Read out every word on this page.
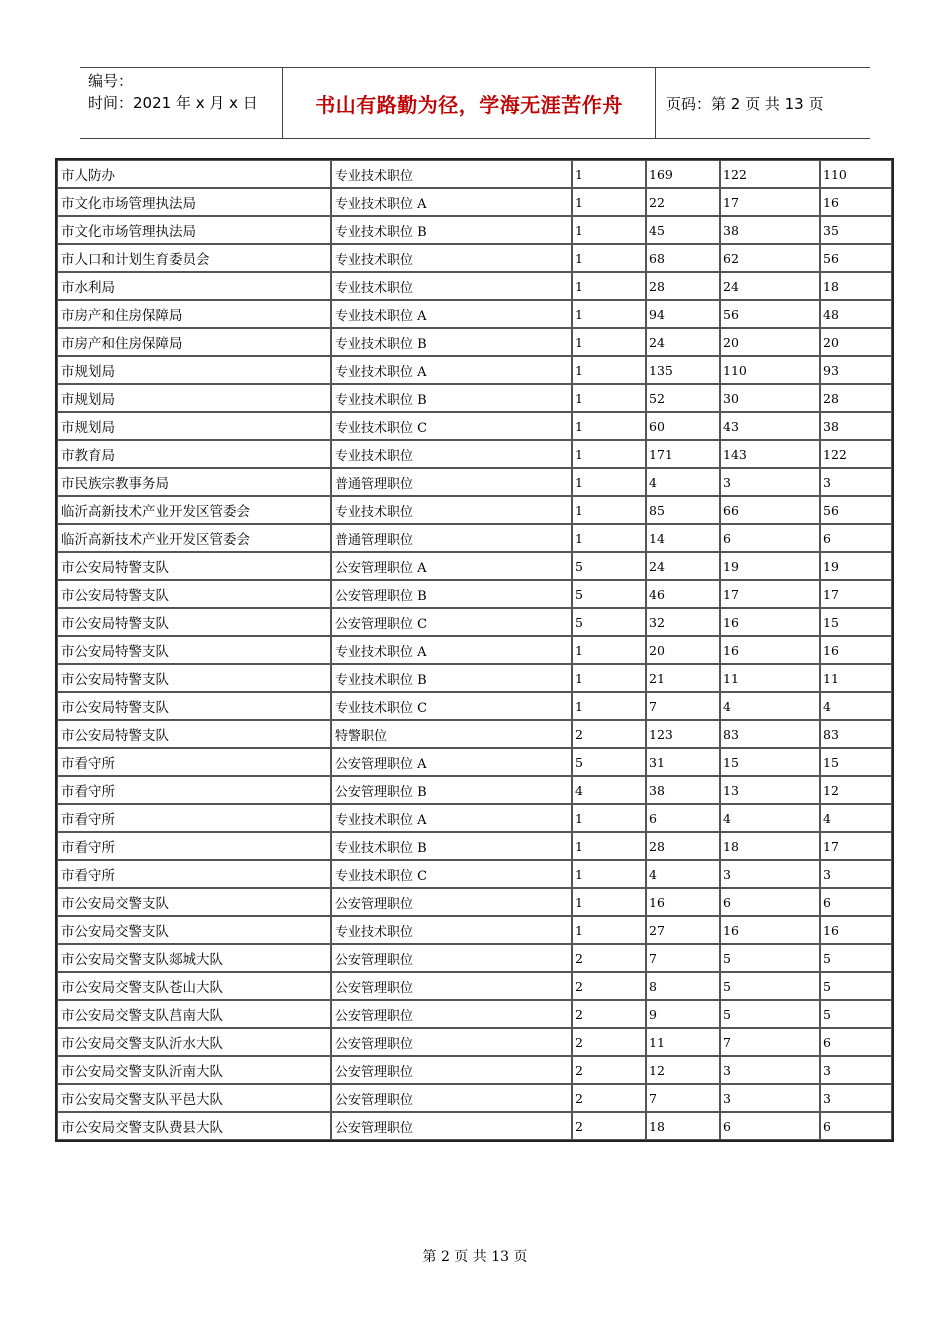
编号：
时间：2021 年 x 月 x 日	书山有路勤为径，学海无涯苦作舟	页码：第 2 页 共 13 页
市人防办	专业技术职位	1	169	122	110
市文化市场管理执法局	专业技术职位 A	1	22	17	16
市文化市场管理执法局	专业技术职位 B	1	45	38	35
市人口和计划生育委员会	专业技术职位	1	68	62	56
市水利局	专业技术职位	1	28	24	18
市房产和住房保障局	专业技术职位 A	1	94	56	48
市房产和住房保障局	专业技术职位 B	1	24	20	20
市规划局	专业技术职位 A	1	135	110	93
市规划局	专业技术职位 B	1	52	30	28
市规划局	专业技术职位 C	1	60	43	38
市教育局	专业技术职位	1	171	143	122
市民族宗教事务局	普通管理职位	1	4	3	3
临沂高新技术产业开发区管委会	专业技术职位	1	85	66	56
临沂高新技术产业开发区管委会	普通管理职位	1	14	6	6
市公安局特警支队	公安管理职位 A	5	24	19	19
市公安局特警支队	公安管理职位 B	5	46	17	17
市公安局特警支队	公安管理职位 C	5	32	16	15
市公安局特警支队	专业技术职位 A	1	20	16	16
市公安局特警支队	专业技术职位 B	1	21	11	11
市公安局特警支队	专业技术职位 C	1	7	4	4
市公安局特警支队	特警职位	2	123	83	83
市看守所	公安管理职位 A	5	31	15	15
市看守所	公安管理职位 B	4	38	13	12
市看守所	专业技术职位 A	1	6	4	4
市看守所	专业技术职位 B	1	28	18	17
市看守所	专业技术职位 C	1	4	3	3
市公安局交警支队	公安管理职位	1	16	6	6
市公安局交警支队	专业技术职位	1	27	16	16
市公安局交警支队郯城大队	公安管理职位	2	7	5	5
市公安局交警支队苍山大队	公安管理职位	2	8	5	5
市公安局交警支队莒南大队	公安管理职位	2	9	5	5
市公安局交警支队沂水大队	公安管理职位	2	11	7	6
市公安局交警支队沂南大队	公安管理职位	2	12	3	3
市公安局交警支队平邑大队	公安管理职位	2	7	3	3
市公安局交警支队费县大队	公安管理职位	2	18	6	6
第 2 页 共 13 页
